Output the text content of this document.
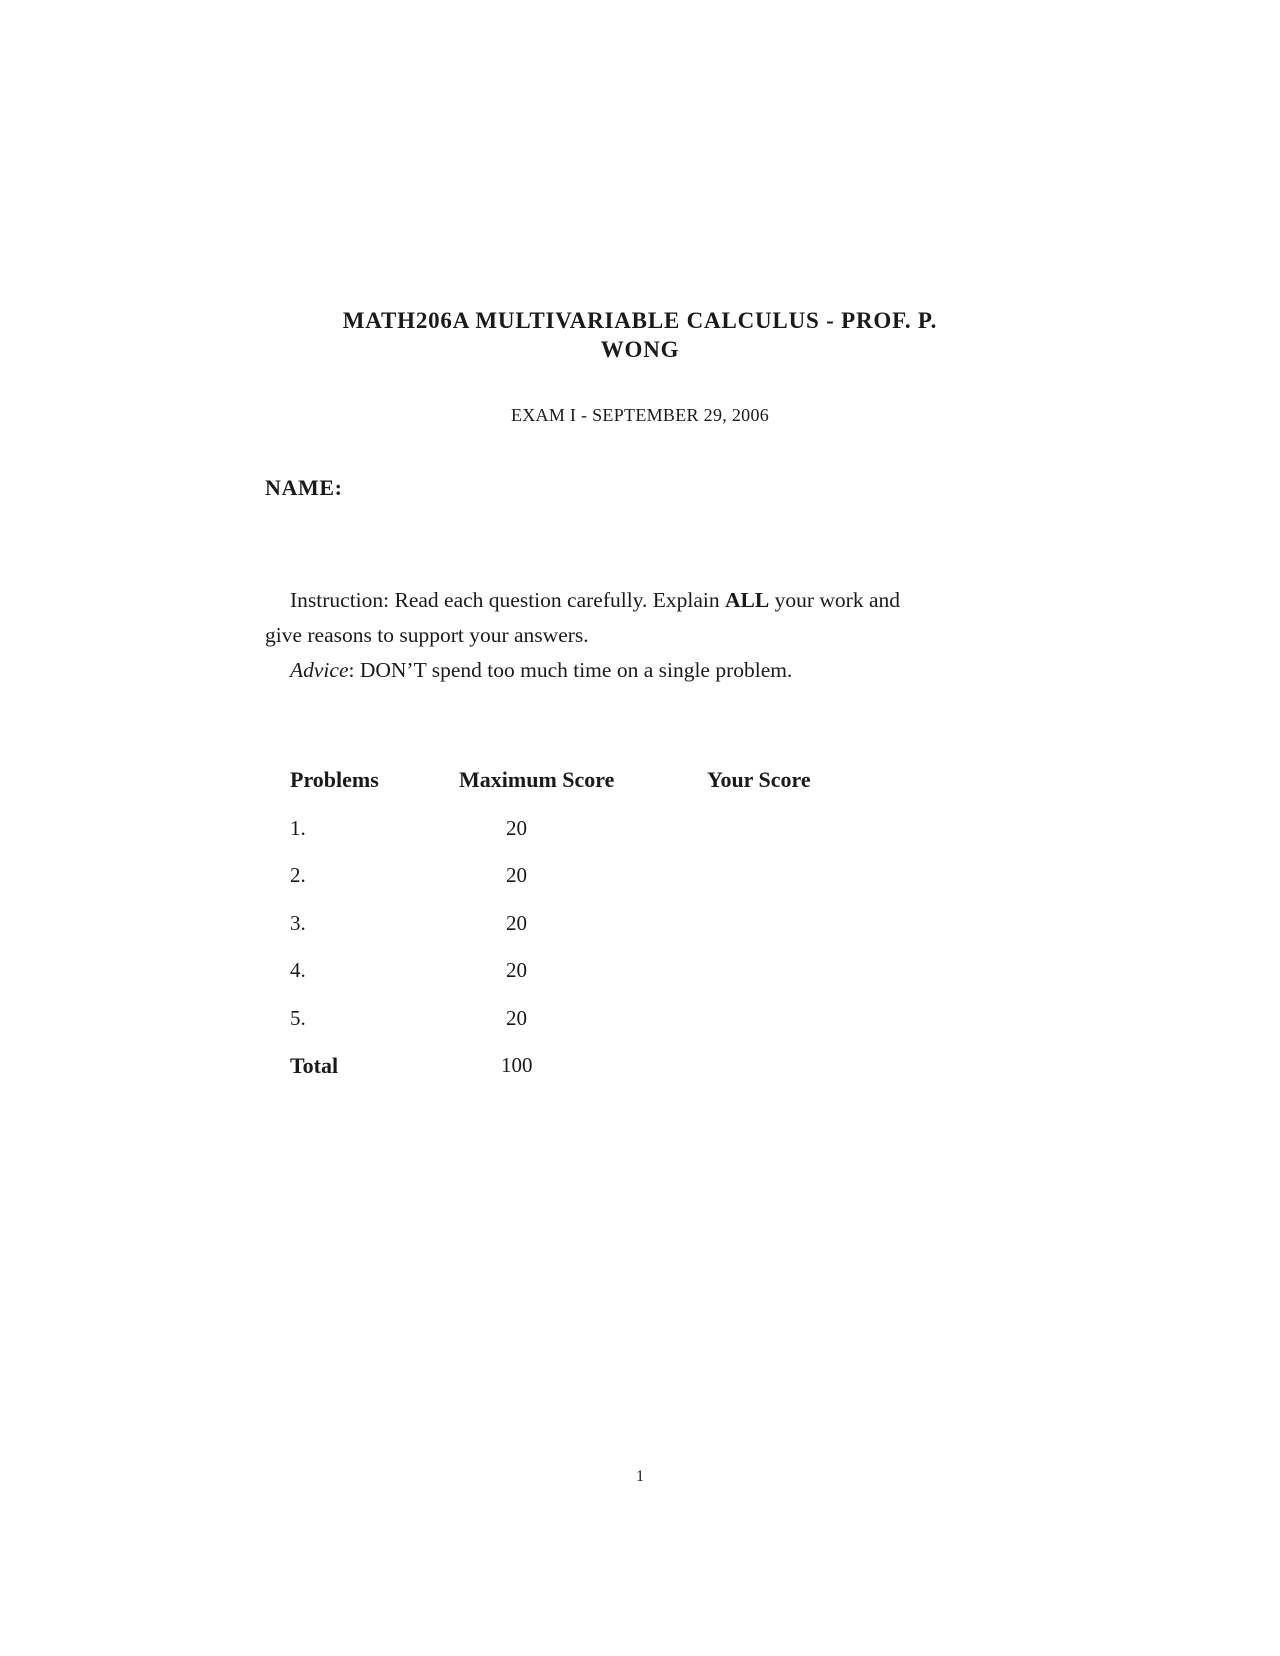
MATH206A MULTIVARIABLE CALCULUS - PROF. P.
WONG
EXAM I - SEPTEMBER 29, 2006
NAME:
Instruction: Read each question carefully. Explain ALL your work and
give reasons to support your answers.
Advice: DON’T spend too much time on a single problem.
Problems	Maximum Score	Your Score
1.	20
2.	20
3.	20
4.	20
5.	20
Total	100
1
